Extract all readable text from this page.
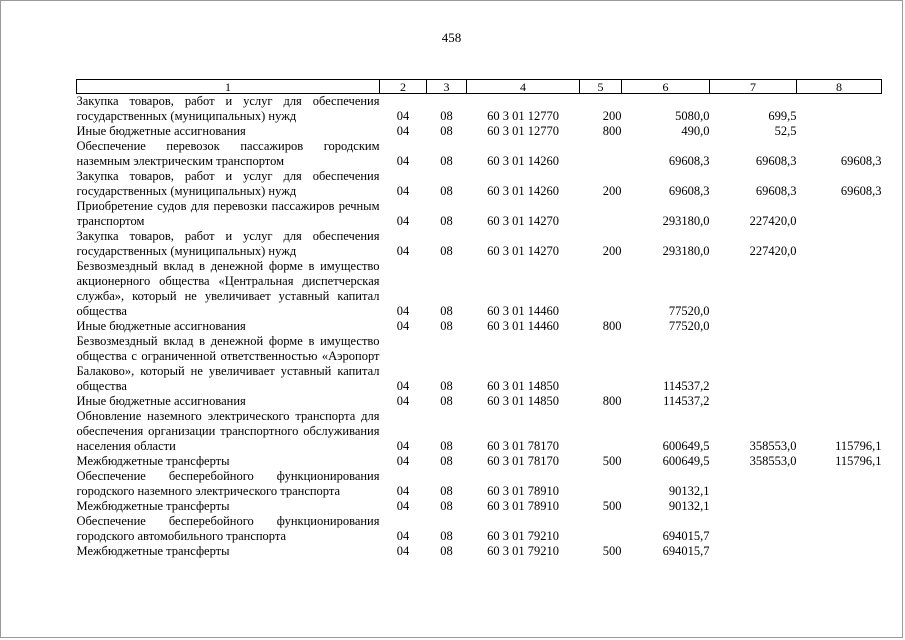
458
1	2	3	4	5	6	7	8
Закупка товаров, работ и услуг для обеспечения государственных (муниципальных) нужд	04	08	60 3 01 12770	200	5080,0	699,5	
Иные бюджетные ассигнования	04	08	60 3 01 12770	800	490,0	52,5	
Обеспечение перевозок пассажиров городским наземным электрическим транспортом	04	08	60 3 01 14260		69608,3	69608,3	69608,3
Закупка товаров, работ и услуг для обеспечения государственных (муниципальных) нужд	04	08	60 3 01 14260	200	69608,3	69608,3	69608,3
Приобретение судов для перевозки пассажиров речным транспортом	04	08	60 3 01 14270		293180,0	227420,0	
Закупка товаров, работ и услуг для обеспечения государственных (муниципальных) нужд	04	08	60 3 01 14270	200	293180,0	227420,0	
Безвозмездный вклад в денежной форме в имущество акционерного общества «Центральная диспетчерская служба», который не увеличивает уставный капитал общества	04	08	60 3 01 14460		77520,0		
Иные бюджетные ассигнования	04	08	60 3 01 14460	800	77520,0		
Безвозмездный вклад в денежной форме в имущество общества с ограниченной ответственностью «Аэропорт Балаково», который не увеличивает уставный капитал общества	04	08	60 3 01 14850		114537,2		
Иные бюджетные ассигнования	04	08	60 3 01 14850	800	114537,2		
Обновление наземного электрического транспорта для обеспечения организации транспортного обслуживания населения области	04	08	60 3 01 78170		600649,5	358553,0	115796,1
Межбюджетные трансферты	04	08	60 3 01 78170	500	600649,5	358553,0	115796,1
Обеспечение бесперебойного функционирования городского наземного электрического транспорта	04	08	60 3 01 78910		90132,1		
Межбюджетные трансферты	04	08	60 3 01 78910	500	90132,1		
Обеспечение бесперебойного функционирования городского автомобильного транспорта	04	08	60 3 01 79210		694015,7		
Межбюджетные трансферты	04	08	60 3 01 79210	500	694015,7		
